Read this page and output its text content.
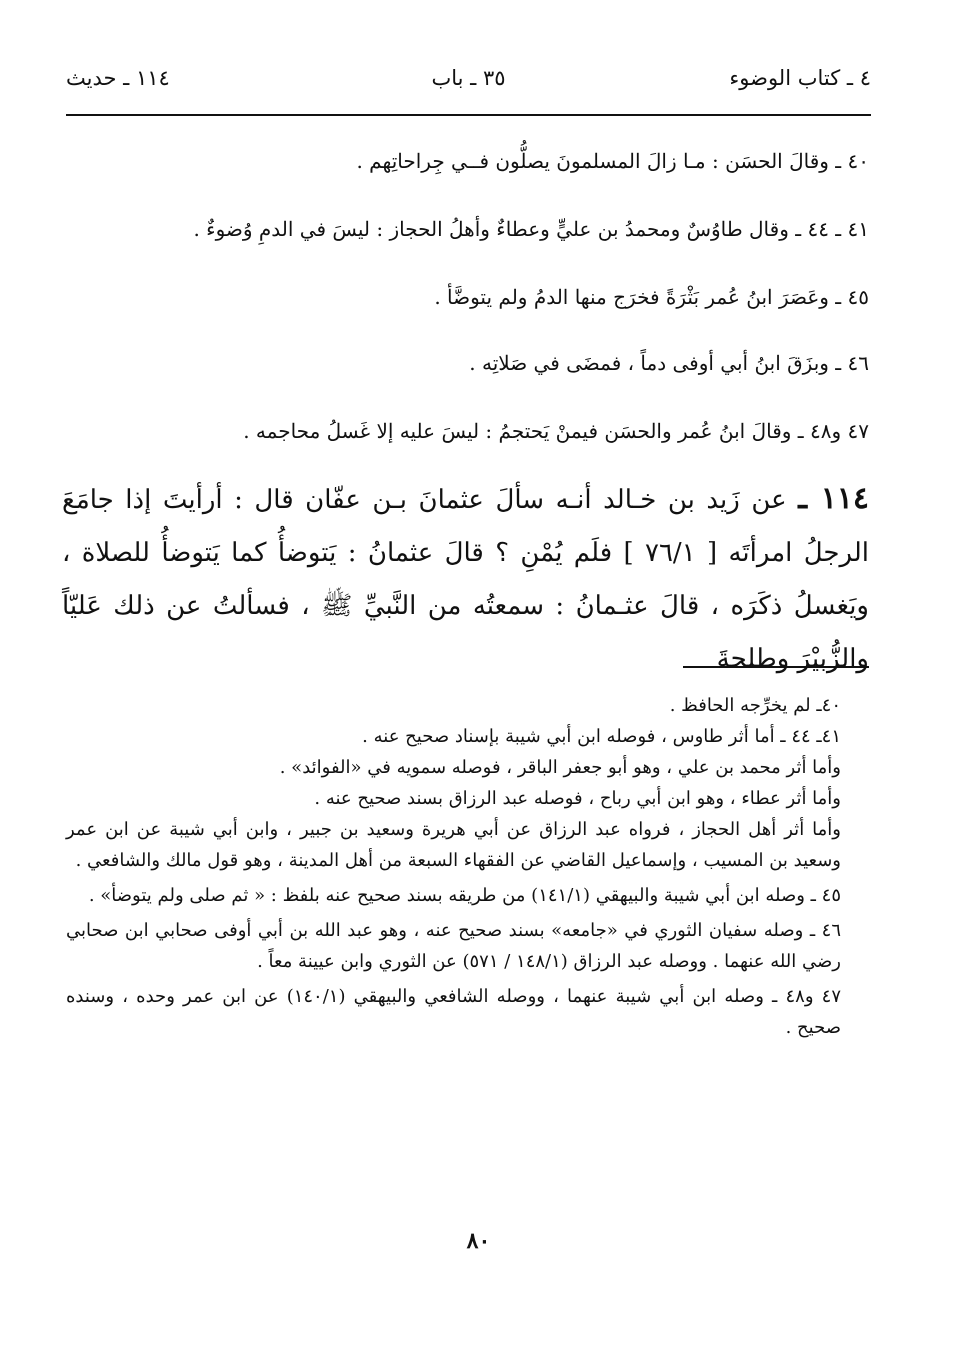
٤ ـ كتاب الوضوء
٣٥ ـ باب
١١٤ ـ حديث
٤٠ ـ وقالَ الحسَن : مـا زالَ المسلمونَ يصلُّون فــي جِراحاتِهم .
٤١ ـ ٤٤ ـ وقال طاوُسٌ ومحمدُ بن عليٍّ وعطاءٌ وأهلُ الحجاز : ليسَ في الدمِ وُضوءٌ .
٤٥ ـ وعَصَرَ ابنُ عُمر بَثْرَةً فخرَج منها الدمُ ولم يتوضَّأ .
٤٦ ـ وبزَقَ ابنُ أبي أوفى دماً ، فمضَى في صَلاتِه .
٤٧ و٤٨ ـ وقالَ ابنُ عُمر والحسَن فيمنْ يَحتجمُ : ليسَ عليه إلا غَسلُ محاجمه .
١١٤ ـ عن زَيد بن خـالد أنـه سألَ عثمانَ بـن عفّان قال : أرأيتَ إذا جامَعَ الرجلُ امرأتَه [ ٧٦/١ ] فلَم يُمْنِ ؟ قالَ عثمانُ : يَتوضأُ كما يَتوضأُ للصلاة ، ويَغسلُ ذكَرَه ، قالَ عثـمانُ : سمعتُه من النَّبيِّ ﷺ ، فسألتُ عن ذلك عَليّاً والزُّبيْرَ وطلحةَ

٤٠ـ لم يخرِّجه الحافظ .

٤١ـ ٤٤ ـ أما أثر طاوس ، فوصله ابن أبي شيبة بإسناد صحيح عنه .

وأما أثر محمد بن علي ، وهو أبو جعفر الباقر ، فوصله سمويه في «الفوائد» .

وأما أثر عطاء ، وهو ابن أبي رباح ، فوصله عبد الرزاق بسند صحيح عنه .

وأما أثر أهل الحجاز ، فرواه عبد الرزاق عن أبي هريرة وسعيد بن جبير ، وابن أبي شيبة عن ابن عمر وسعيد بن المسيب ، وإسماعيل القاضي عن الفقهاء السبعة من أهل المدينة ، وهو قول مالك والشافعي .

٤٥ ـ وصله ابن أبي شيبة والبيهقي (١٤١/١) من طريقه بسند صحيح عنه بلفظ : « ثم صلى ولم يتوضأ» .

٤٦ ـ وصله سفيان الثوري في «جامعه» بسند صحيح عنه ، وهو عبد الله بن أبي أوفى صحابي ابن صحابي رضي الله عنهما . ووصله عبد الرزاق (١٤٨/١ / ٥٧١) عن الثوري وابن عيينة معاً .

٤٧ و٤٨ ـ وصله ابن أبي شيبة عنهما ، ووصله الشافعي والبيهقي (١٤٠/١) عن ابن عمر وحده ، وسنده صحيح .

٨٠
